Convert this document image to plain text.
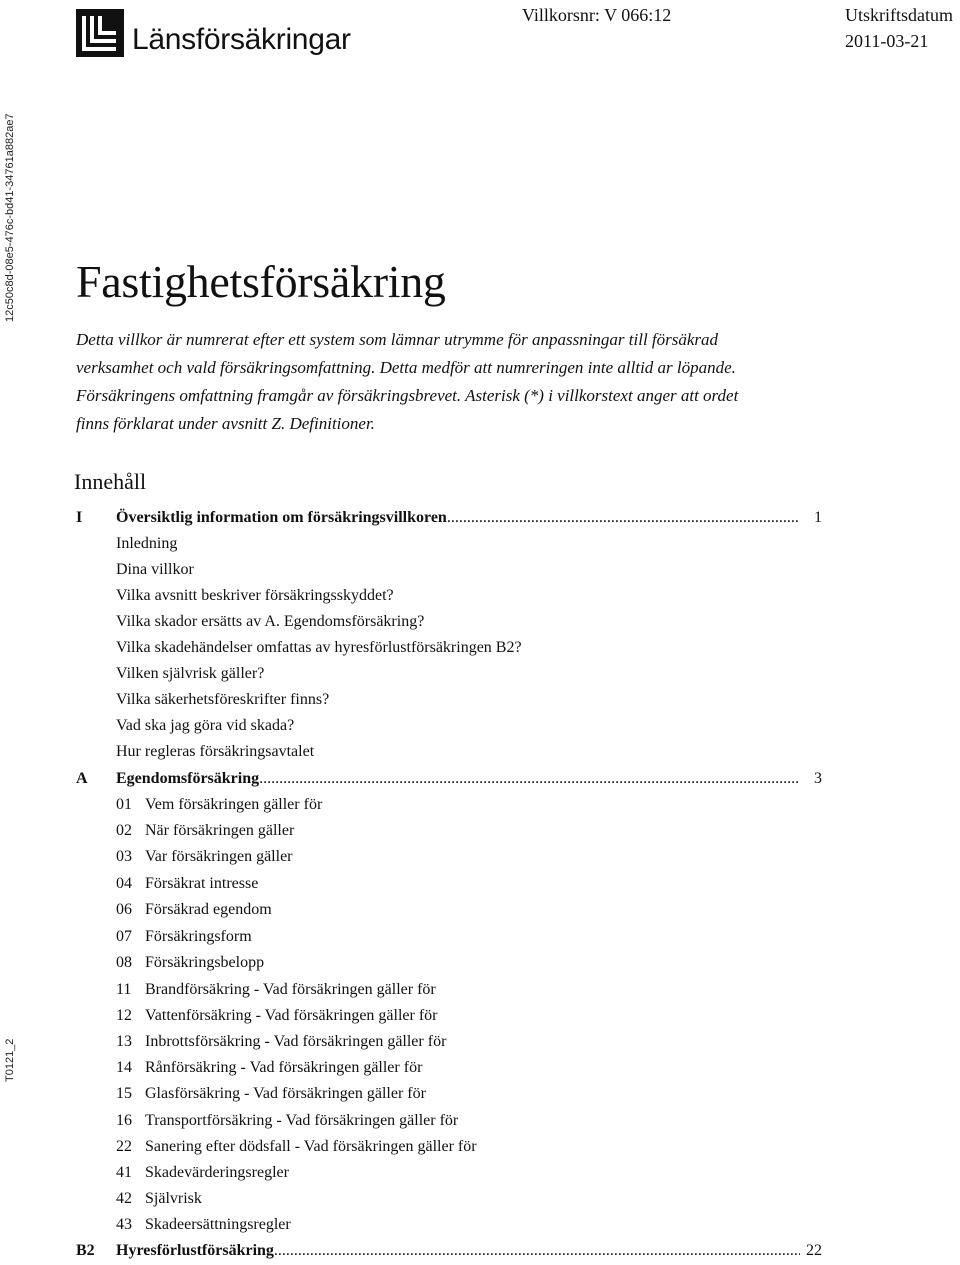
Länsförsäkringar
Villkorsnr: V 066:12	Utskriftsdatum
2011-03-21
12c50c8d-08e5-476c-bd41-34761a882ae7
T0121_2
Fastighetsförsäkring

Detta villkor är numrerat efter ett system som lämnar utrymme för anpassningar till försäkrad
verksamhet och vald försäkringsomfattning. Detta medför att numreringen inte alltid ar löpande.
Försäkringens omfattning framgår av försäkringsbrevet. Asterisk (*) i villkorstext anger att ordet
finns förklarat under avsnitt Z. Definitioner.

Innehåll
I Översiktlig information om försäkringsvillkoren .....	1
Inledning
Dina villkor
Vilka avsnitt beskriver försäkringsskyddet?
Vilka skador ersätts av A. Egendomsförsäkring?
Vilka skadehändelser omfattas av hyresförlustförsäkringen B2?
Vilken självrisk gäller?
Vilka säkerhetsföreskrifter finns?
Vad ska jag göra vid skada?
Hur regleras försäkringsavtalet
A Egendomsförsäkring .....	3
01 Vem försäkringen gäller för
02 När försäkringen gäller
03 Var försäkringen gäller
04 Försäkrat intresse
06 Försäkrad egendom
07 Försäkringsform
08 Försäkringsbelopp
11 Brandförsäkring - Vad försäkringen gäller för
12 Vattenförsäkring - Vad försäkringen gäller för
13 Inbrottsförsäkring - Vad försäkringen gäller för
14 Rånförsäkring - Vad försäkringen gäller för
15 Glasförsäkring - Vad försäkringen gäller för
16 Transportförsäkring - Vad försäkringen gäller för
22 Sanering efter dödsfall - Vad försäkringen gäller för
41 Skadevärderingsregler
42 Självrisk
43 Skadeersättningsregler
B2 Hyresförlustförsäkring .....	22
